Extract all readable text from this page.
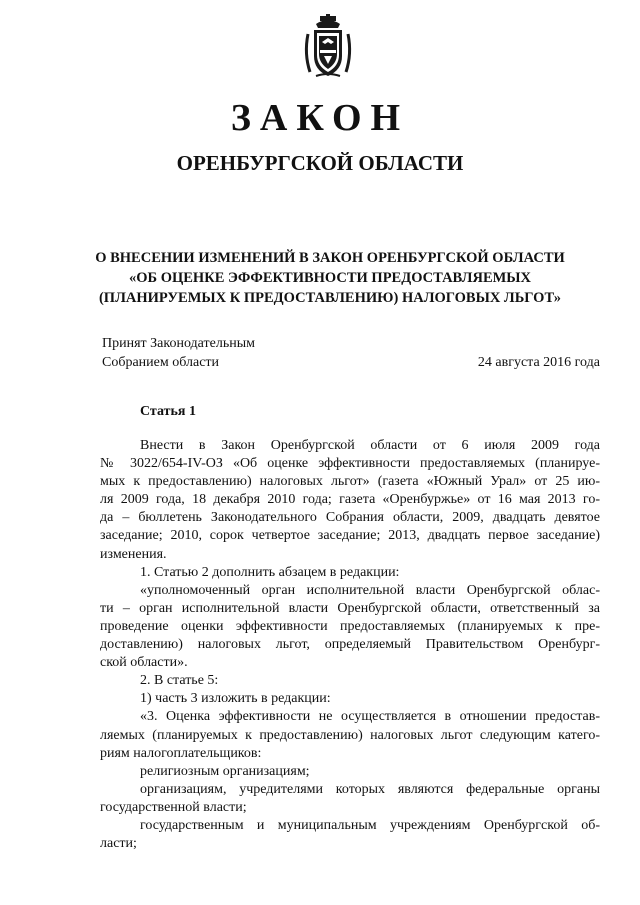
ЗАКОН
ОРЕНБУРГСКОЙ ОБЛАСТИ
О ВНЕСЕНИИ ИЗМЕНЕНИЙ В ЗАКОН ОРЕНБУРГСКОЙ ОБЛАСТИ
«ОБ ОЦЕНКЕ ЭФФЕКТИВНОСТИ ПРЕДОСТАВЛЯЕМЫХ
(ПЛАНИРУЕМЫХ К ПРЕДОСТАВЛЕНИЮ) НАЛОГОВЫХ ЛЬГОТ»
Принят Законодательным
Собранием области	24 августа 2016 года
Статья 1
Внести в Закон Оренбургской области от 6 июля 2009 года
№ 3022/654-IV-ОЗ «Об оценке эффективности предоставляемых (планируе-
мых к предоставлению) налоговых льгот» (газета «Южный Урал» от 25 ию-
ля 2009 года, 18 декабря 2010 года; газета «Оренбуржье» от 16 мая 2013 го-
да – бюллетень Законодательного Собрания области, 2009, двадцать девятое
заседание; 2010, сорок четвертое заседание; 2013, двадцать первое заседание)
изменения.
1. Статью 2 дополнить абзацем в редакции:
«уполномоченный орган исполнительной власти Оренбургской облас-
ти – орган исполнительной власти Оренбургской области, ответственный за
проведение оценки эффективности предоставляемых (планируемых к пре-
доставлению) налоговых льгот, определяемый Правительством Оренбург-
ской области».
2. В статье 5:
1) часть 3 изложить в редакции:
«3. Оценка эффективности не осуществляется в отношении предостав-
ляемых (планируемых к предоставлению) налоговых льгот следующим катего-
риям налогоплательщиков:
религиозным организациям;
организациям, учредителями которых являются федеральные органы
государственной власти;
государственным и муниципальным учреждениям Оренбургской об-
ласти;
